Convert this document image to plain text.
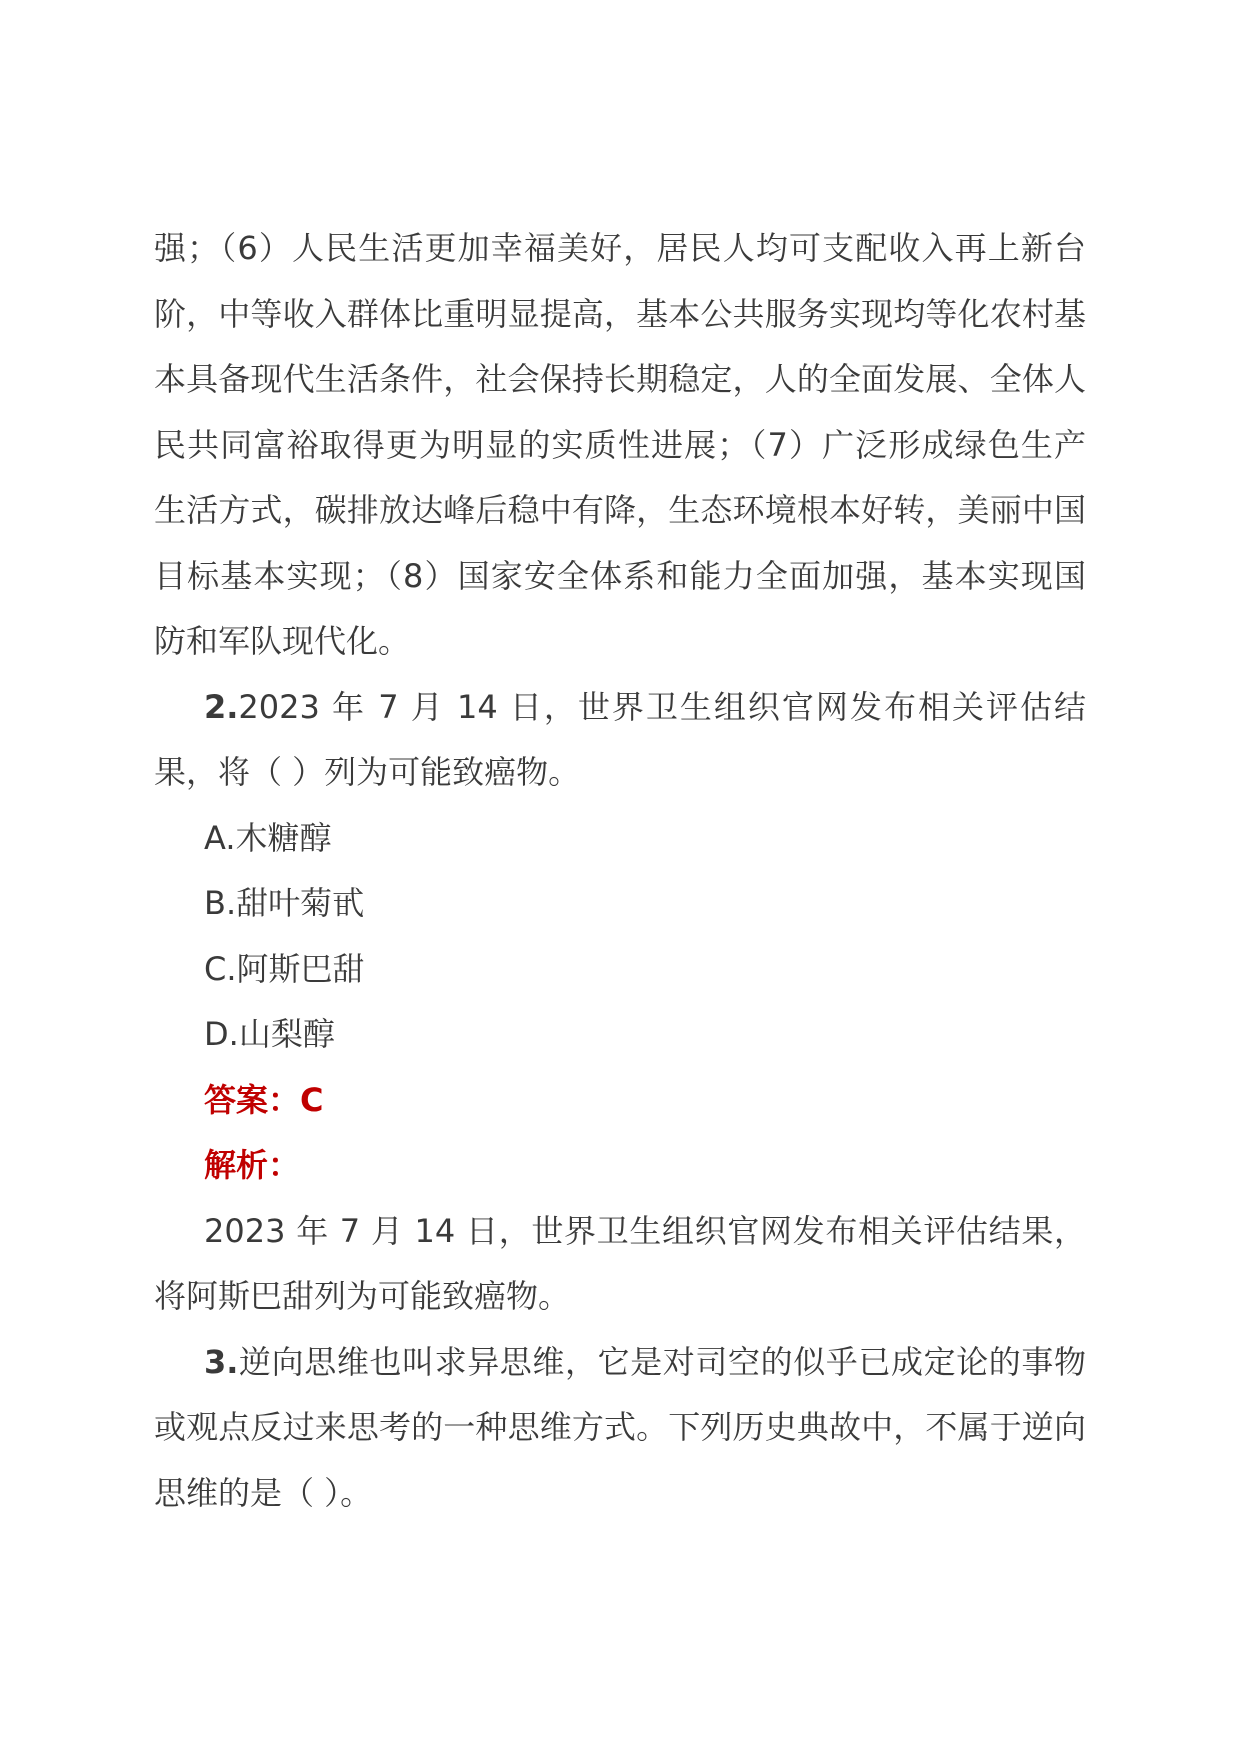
强；（6）人民生活更加幸福美好，居民人均可支配收入再上新台阶，中等收入群体比重明显提高，基本公共服务实现均等化农村基本具备现代生活条件，社会保持长期稳定，人的全面发展、全体人民共同富裕取得更为明显的实质性进展；（7）广泛形成绿色生产生活方式，碳排放达峰后稳中有降，生态环境根本好转，美丽中国目标基本实现；（8）国家安全体系和能力全面加强，基本实现国防和军队现代化。

2.2023 年 7 月 14 日，世界卫生组织官网发布相关评估结果，将（ ）列为可能致癌物。

A.木糖醇

B.甜叶菊甙

C.阿斯巴甜

D.山梨醇

答案：C

解析：

2023 年 7 月 14 日，世界卫生组织官网发布相关评估结果，将阿斯巴甜列为可能致癌物。

3.逆向思维也叫求异思维，它是对司空的似乎已成定论的事物或观点反过来思考的一种思维方式。下列历史典故中，不属于逆向思维的是（ ）。
